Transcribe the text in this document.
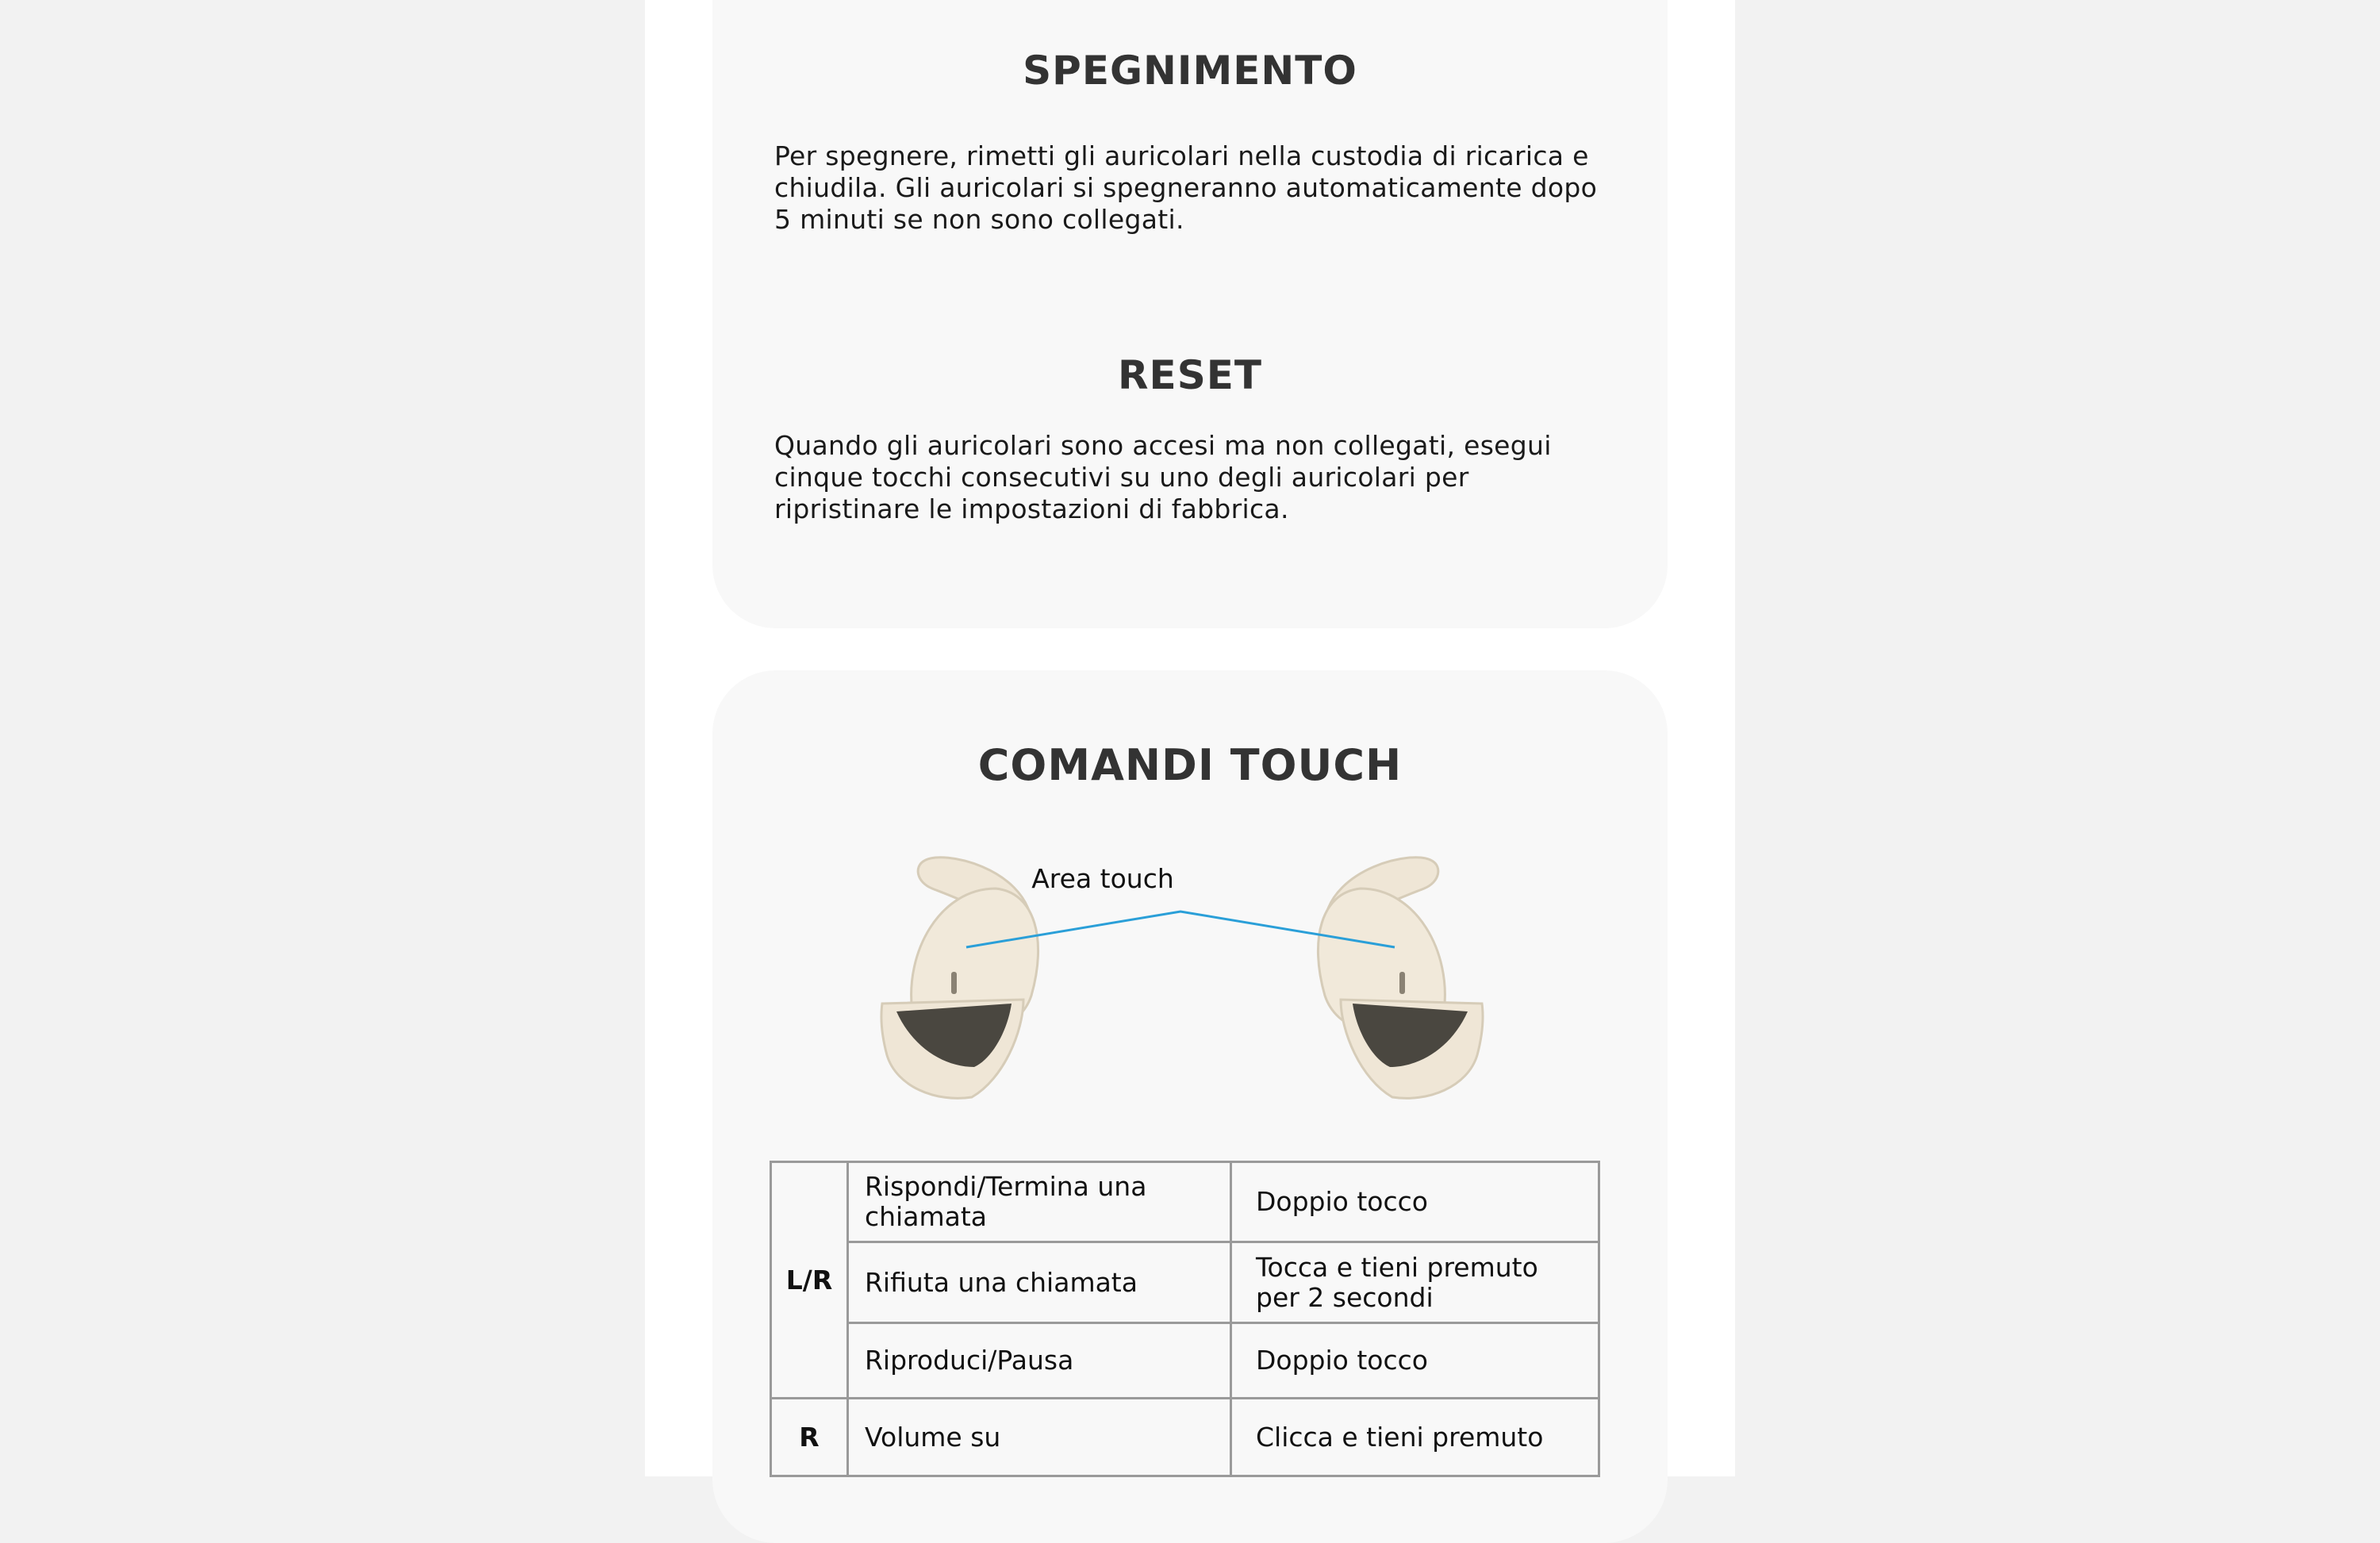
SPEGNIMENTO
Per spegnere, rimetti gli auricolari nella custodia di ricarica e chiudila. Gli auricolari si spegneranno automaticamente dopo 5 minuti se non sono collegati.
RESET
Quando gli auricolari sono accesi ma non collegati, esegui cinque tocchi consecutivi su uno degli auricolari per ripristinare le impostazioni di fabbrica.
COMANDI TOUCH
Area touch
L/R	Rispondi/Termina una chiamata	Doppio tocco
	Rifiuta una chiamata	Tocca e tieni premuto per 2 secondi
	Riproduci/Pausa	Doppio tocco
R	Volume su	Clicca e tieni premuto
